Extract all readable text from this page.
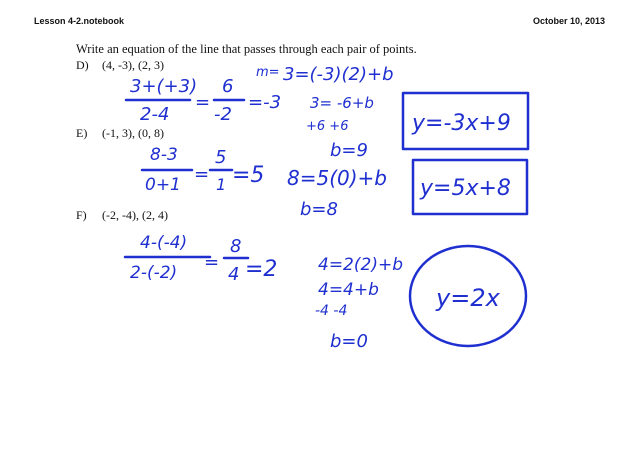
Lesson 4-2.notebook	October 10, 2013
Write an equation of the line that passes through each pair of points.
D) (4, -3), (2, 3)
E) (-1, 3), (0, 8)
F) (-2, -4), (2, 4)
3+(+3)
2-4
=
6
-2
=-3
m= 3=(-3)(2)+b
3= -6+b
+6 +6
b=9
y=-3x+9
8-3
0+1 =
5
1 =5 8=5(0)+b
b=8
y=5x+8
4-(-4)
2-(-2) =
8
4 =2 4=2(2)+b
4=4+b
-4 -4
b=0
y=2x
